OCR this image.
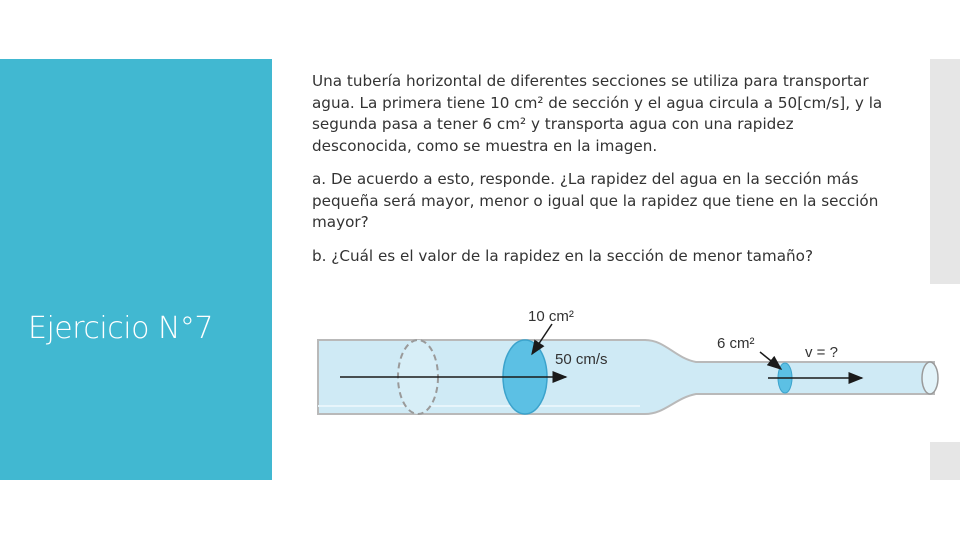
Ejercicio N°7

Una tubería horizontal de diferentes secciones se utiliza para transportar agua. La primera tiene 10 cm² de sección y el agua circula a 50[cm/s], y la segunda pasa a tener 6 cm² y transporta agua con una rapidez desconocida, como se muestra en la imagen.

a. De acuerdo a esto, responde. ¿La rapidez del agua en la sección más pequeña será mayor, menor o igual que la rapidez que tiene en la sección mayor?

b. ¿Cuál es el valor de la rapidez en la sección de menor tamaño?

10 cm²
50 cm/s
6 cm²
v = ?
